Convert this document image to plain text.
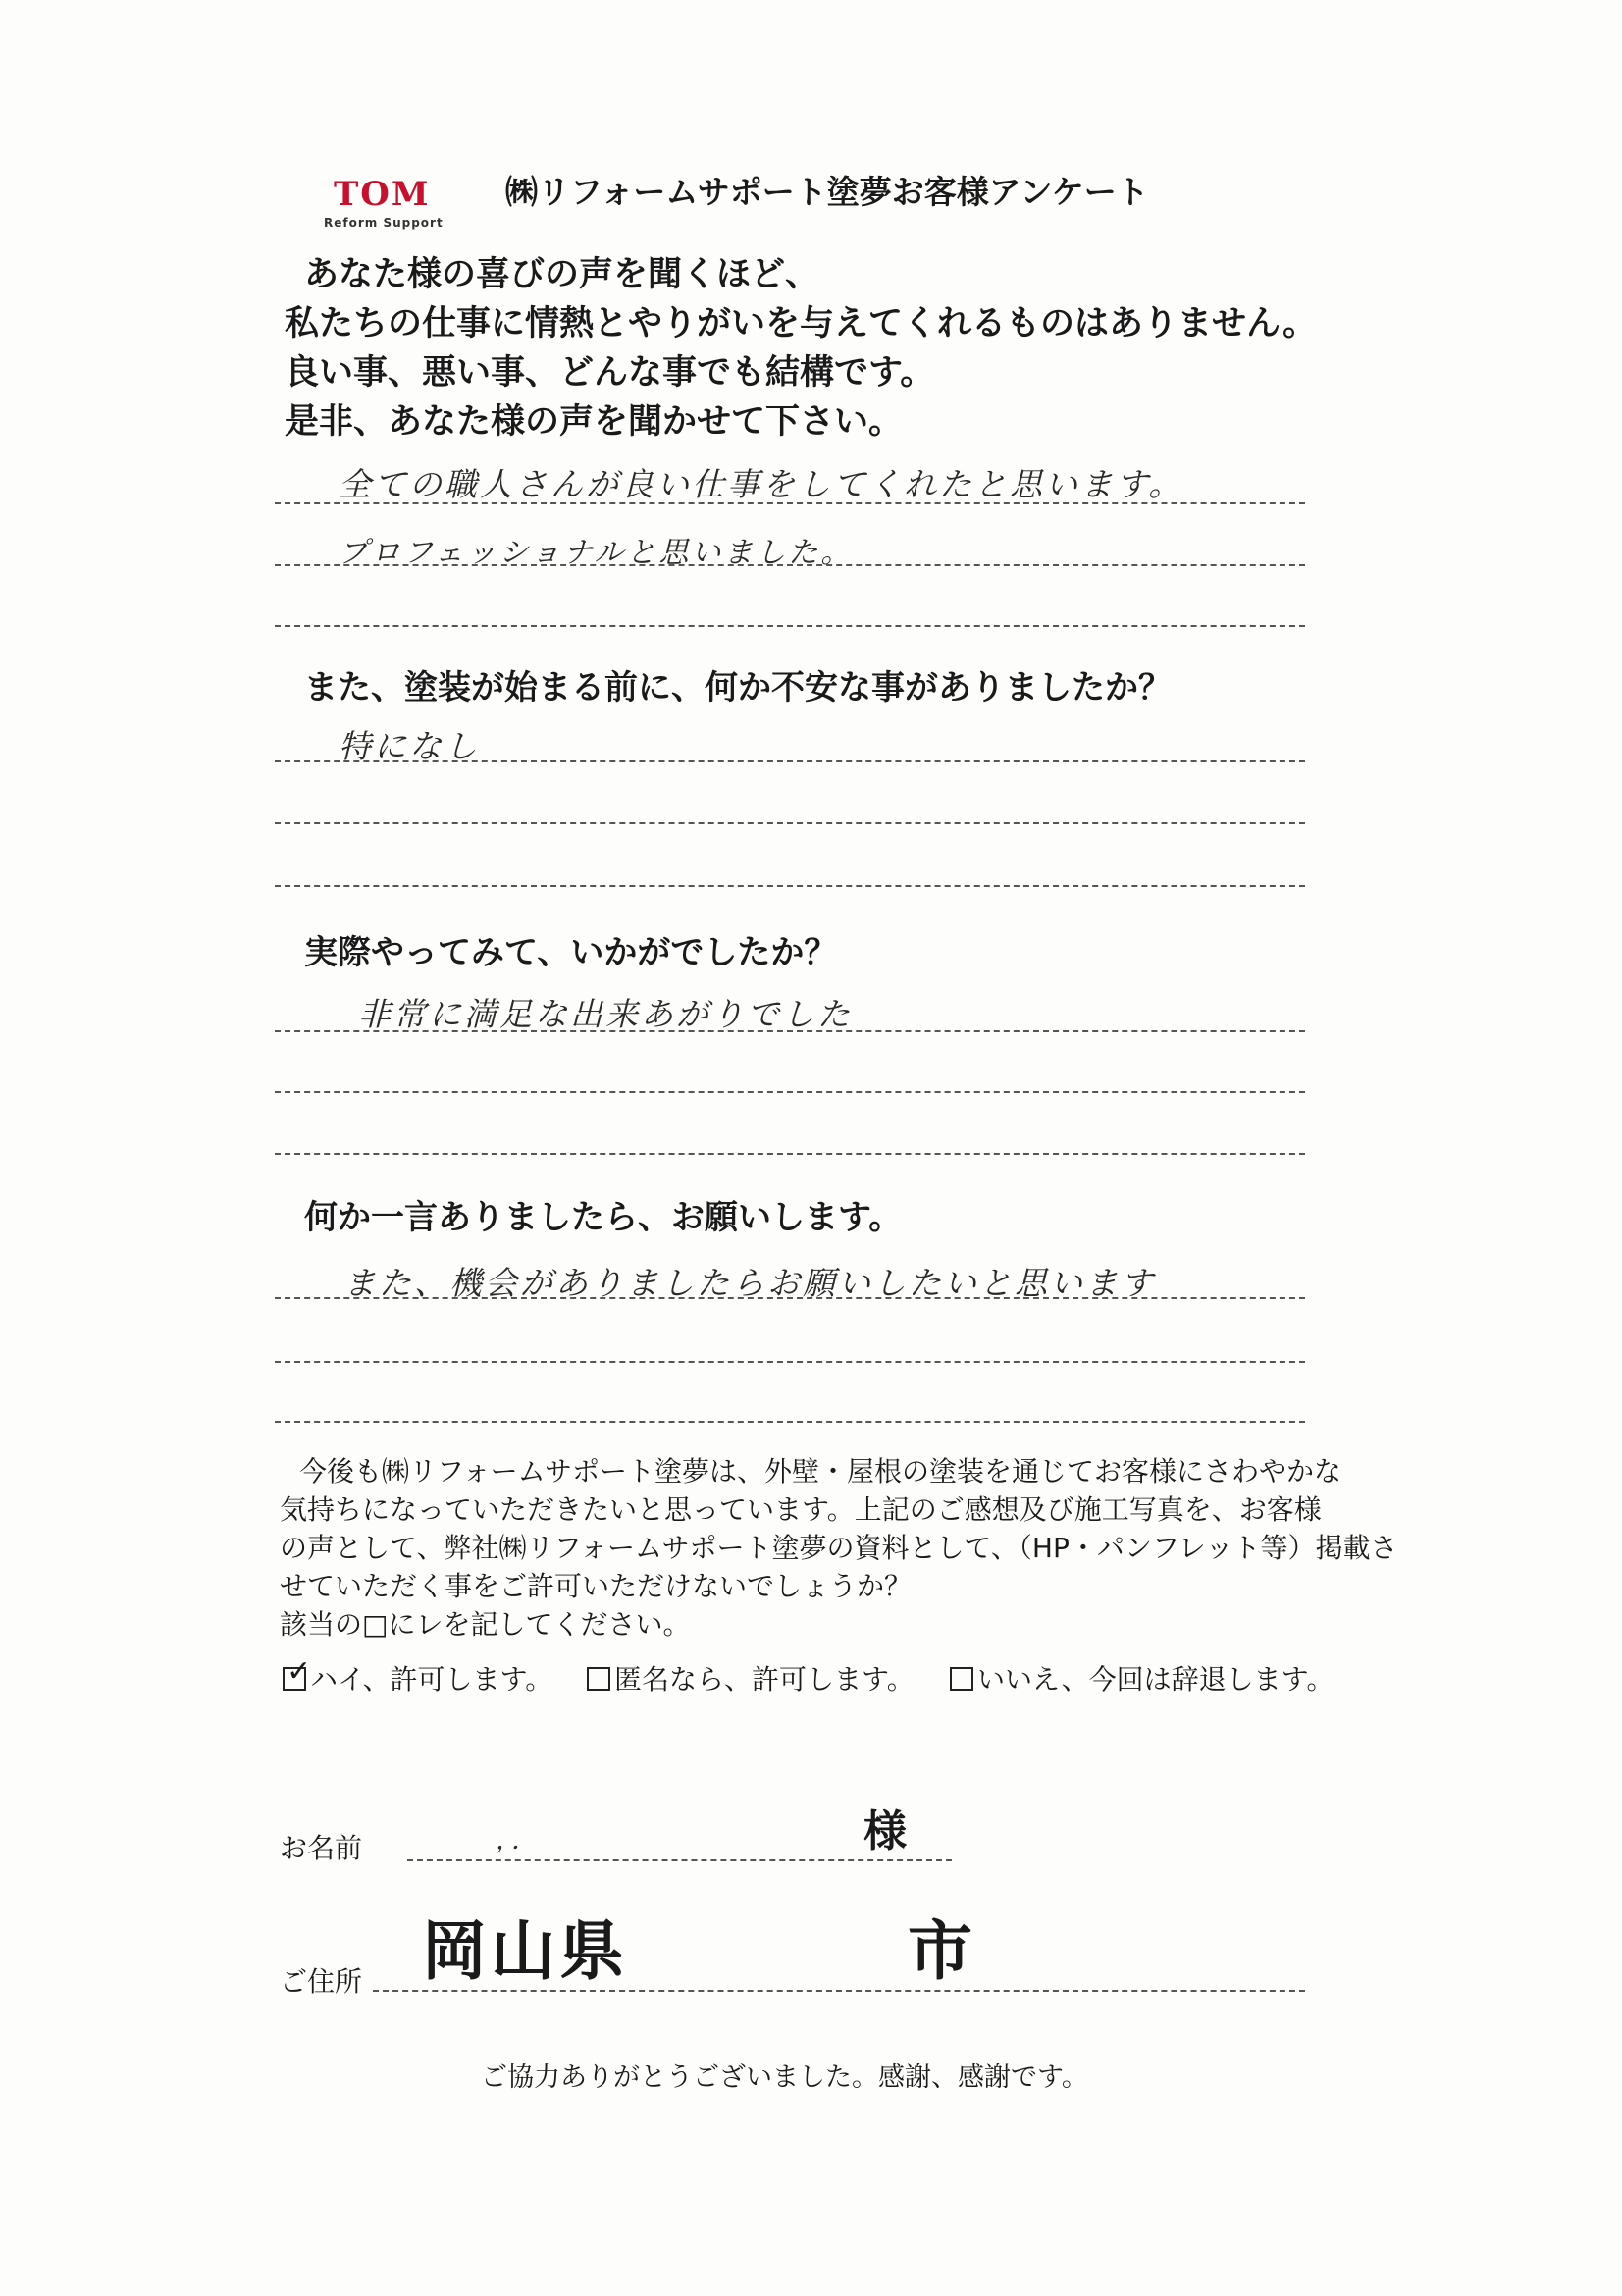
TOM
Reform Support
㈱リフォームサポート塗夢お客様アンケート
あなた様の喜びの声を聞くほど、
私たちの仕事に情熱とやりがいを与えてくれるものはありません。
良い事、悪い事、どんな事でも結構です。
是非、あなた様の声を聞かせて下さい。
全ての職人さんが良い仕事をしてくれたと思います。
プロフェッショナルと思いました。
また、塗装が始まる前に、何か不安な事がありましたか？
特になし
実際やってみて、いかがでしたか？
非常に満足な出来あがりでした
何か一言ありましたら、お願いします。
また、機会がありましたらお願いしたいと思います
今後も㈱リフォームサポート塗夢は、外壁・屋根の塗装を通じてお客様にさわやかな
気持ちになっていただきたいと思っています。上記のご感想及び施工写真を、お客様
の声として、弊社㈱リフォームサポート塗夢の資料として、（HP・パンフレット等）掲載さ
せていただく事をご許可いただけないでしょうか？
該当の□にレを記してください。
✓
ハイ、許可します。	匿名なら、許可します。	いいえ、今回は辞退します。
お名前	，．	様
ご住所 岡山県	市
ご協力ありがとうございました。感謝、感謝です。
